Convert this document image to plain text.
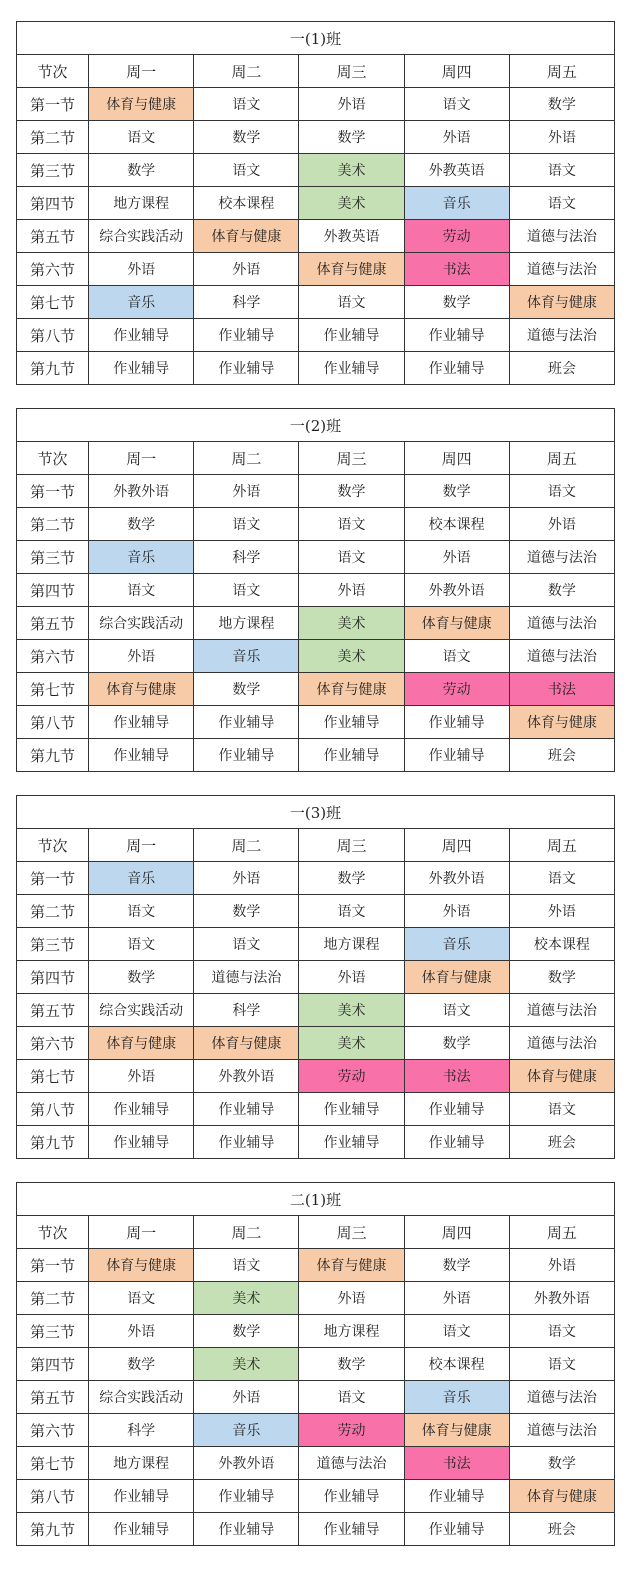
一(1)班					
节次	周一	周二	周三	周四	周五
第一节	体育与健康	语文	外语	语文	数学
第二节	语文	数学	数学	外语	外语
第三节	数学	语文	美术	外教英语	语文
第四节	地方课程	校本课程	美术	音乐	语文
第五节	综合实践活动	体育与健康	外教英语	劳动	道德与法治
第六节	外语	外语	体育与健康	书法	道德与法治
第七节	音乐	科学	语文	数学	体育与健康
第八节	作业辅导	作业辅导	作业辅导	作业辅导	道德与法治
第九节	作业辅导	作业辅导	作业辅导	作业辅导	班会
一(2)班					
节次	周一	周二	周三	周四	周五
第一节	外教外语	外语	数学	数学	语文
第二节	数学	语文	语文	校本课程	外语
第三节	音乐	科学	语文	外语	道德与法治
第四节	语文	语文	外语	外教外语	数学
第五节	综合实践活动	地方课程	美术	体育与健康	道德与法治
第六节	外语	音乐	美术	语文	道德与法治
第七节	体育与健康	数学	体育与健康	劳动	书法
第八节	作业辅导	作业辅导	作业辅导	作业辅导	体育与健康
第九节	作业辅导	作业辅导	作业辅导	作业辅导	班会
一(3)班					
节次	周一	周二	周三	周四	周五
第一节	音乐	外语	数学	外教外语	语文
第二节	语文	数学	语文	外语	外语
第三节	语文	语文	地方课程	音乐	校本课程
第四节	数学	道德与法治	外语	体育与健康	数学
第五节	综合实践活动	科学	美术	语文	道德与法治
第六节	体育与健康	体育与健康	美术	数学	道德与法治
第七节	外语	外教外语	劳动	书法	体育与健康
第八节	作业辅导	作业辅导	作业辅导	作业辅导	语文
第九节	作业辅导	作业辅导	作业辅导	作业辅导	班会
二(1)班					
节次	周一	周二	周三	周四	周五
第一节	体育与健康	语文	体育与健康	数学	外语
第二节	语文	美术	外语	外语	外教外语
第三节	外语	数学	地方课程	语文	语文
第四节	数学	美术	数学	校本课程	语文
第五节	综合实践活动	外语	语文	音乐	道德与法治
第六节	科学	音乐	劳动	体育与健康	道德与法治
第七节	地方课程	外教外语	道德与法治	书法	数学
第八节	作业辅导	作业辅导	作业辅导	作业辅导	体育与健康
第九节	作业辅导	作业辅导	作业辅导	作业辅导	班会
